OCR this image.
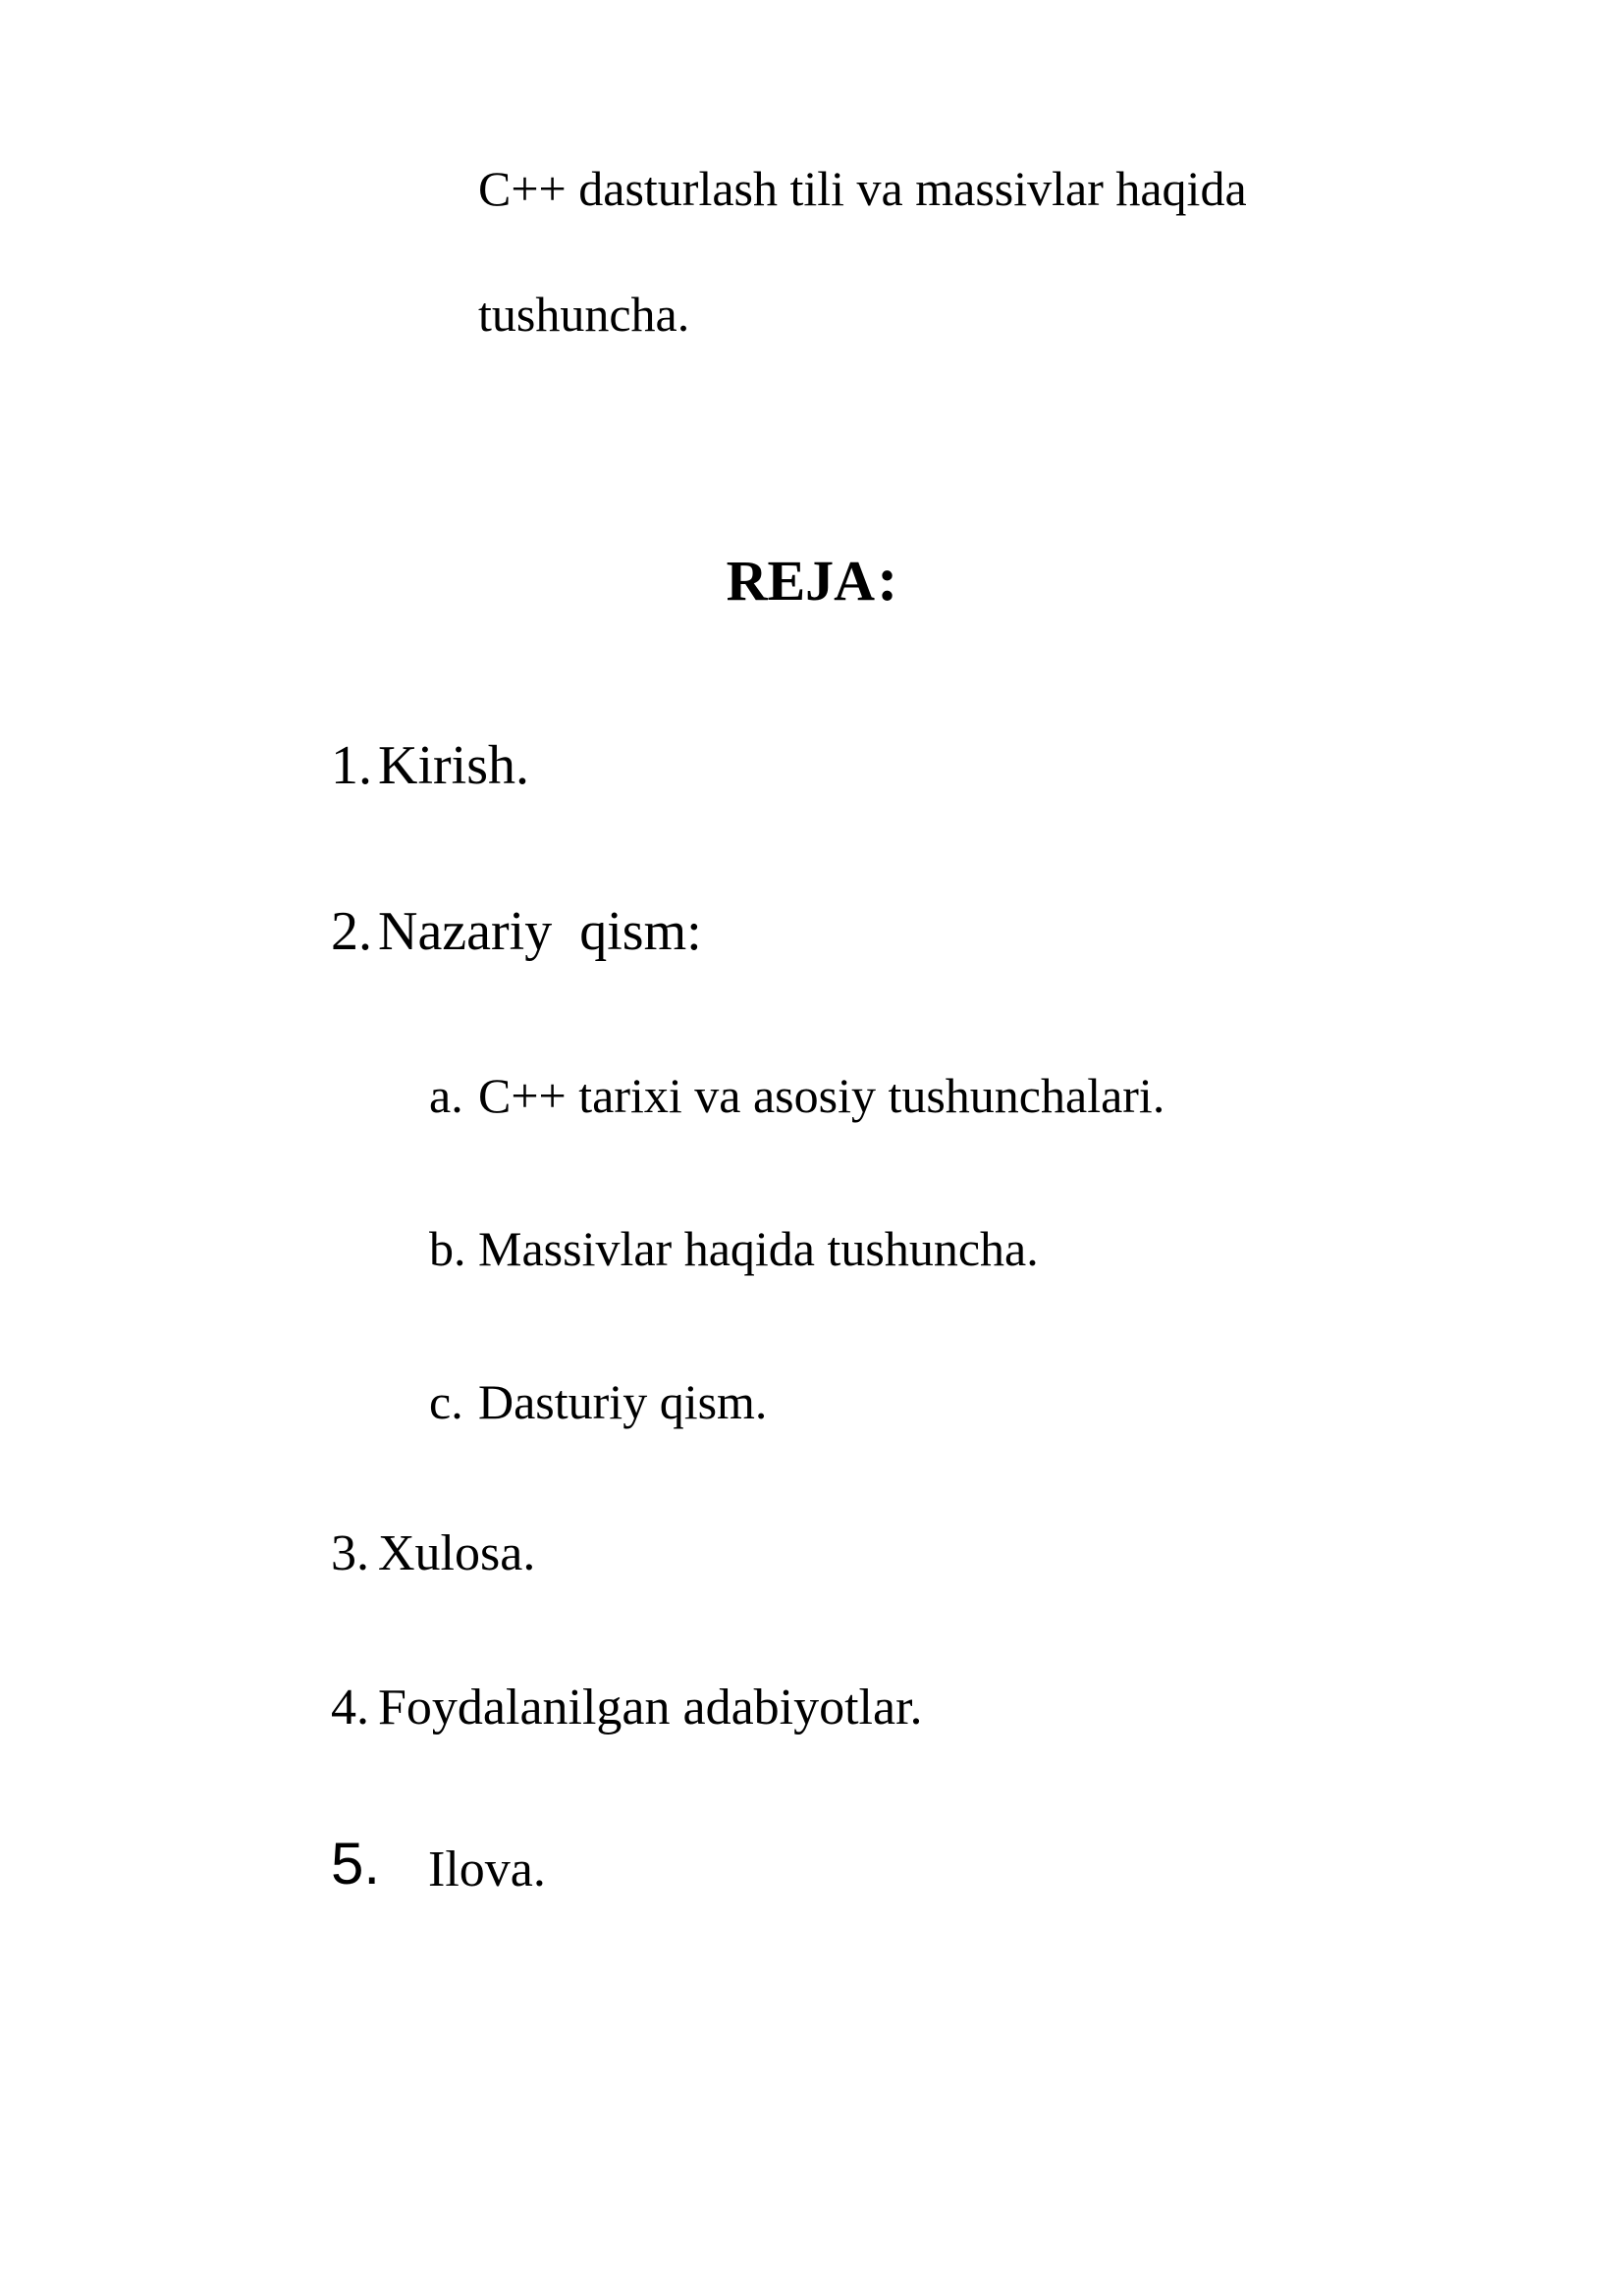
C++ dasturlash tili va massivlar haqida
tushuncha.
REJA:
1. Kirish.
2. Nazariy  qism:
a. C++ tarixi va asosiy tushunchalari.
b. Massivlar haqida tushuncha.
c. Dasturiy qism.
3. Xulosa.
4. Foydalanilgan adabiyotlar.
5. Ilova.
